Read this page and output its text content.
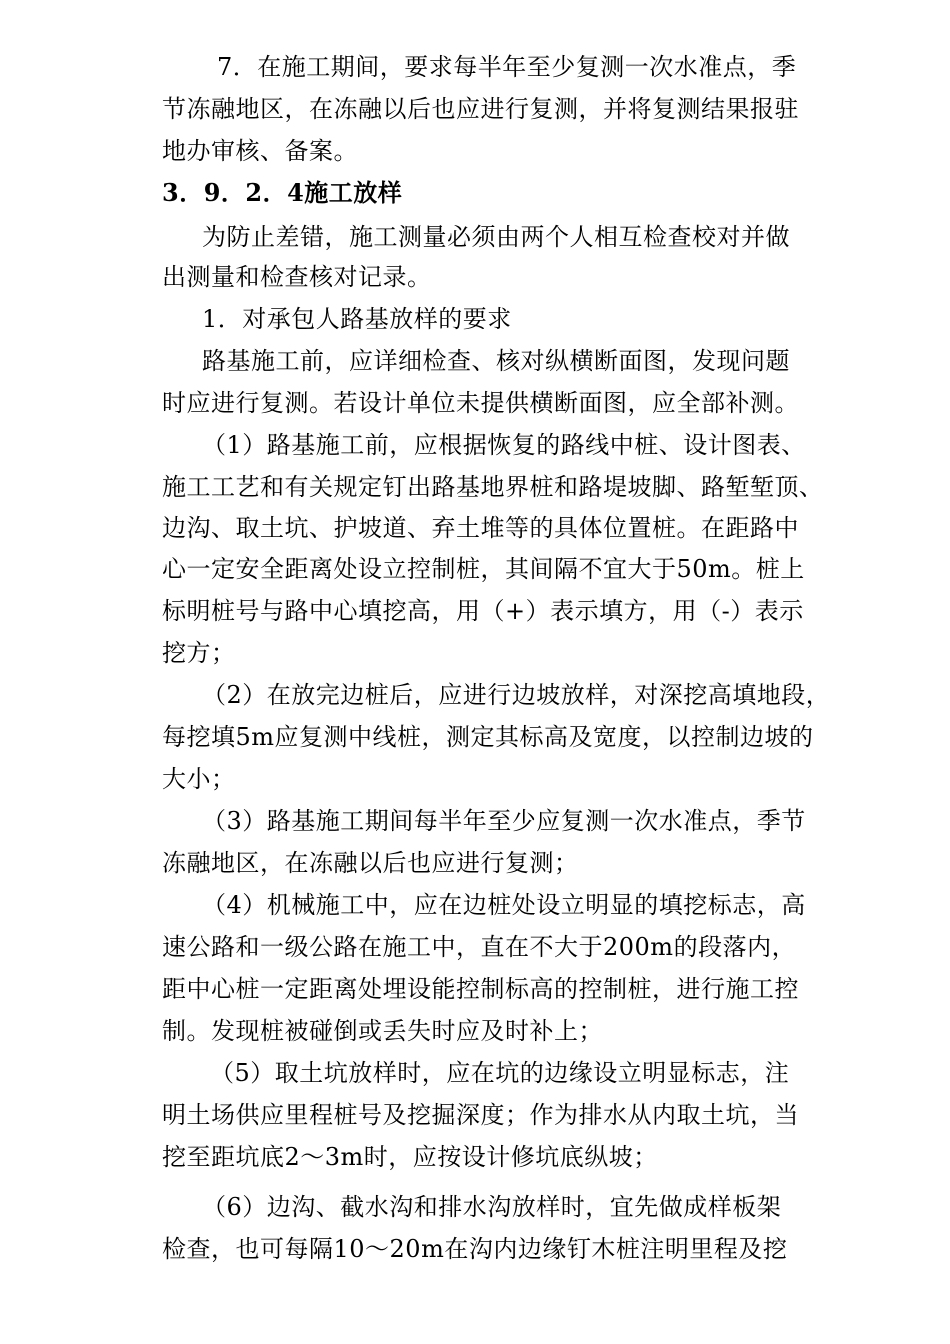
7．在施工期间，要求每半年至少复测一次水准点，季
节冻融地区，在冻融以后也应进行复测，并将复测结果报驻
地办审核、备案。
3．9．2．4施工放样
为防止差错，施工测量必须由两个人相互检查校对并做
出测量和检查核对记录。
1．对承包人路基放样的要求
路基施工前，应详细检查、核对纵横断面图，发现问题
时应进行复测。若设计单位未提供横断面图，应全部补测。
（1）路基施工前，应根据恢复的路线中桩、设计图表、
施工工艺和有关规定钉出路基地界桩和路堤坡脚、路堑堑顶、
边沟、取土坑、护坡道、弃土堆等的具体位置桩。在距路中
心一定安全距离处设立控制桩，其间隔不宜大于50m。桩上
标明桩号与路中心填挖高，用（+）表示填方，用（-）表示
挖方；
（2）在放完边桩后，应进行边坡放样，对深挖高填地段，
每挖填5m应复测中线桩，测定其标高及宽度，以控制边坡的
大小；
（3）路基施工期间每半年至少应复测一次水准点，季节
冻融地区，在冻融以后也应进行复测；
（4）机械施工中，应在边桩处设立明显的填挖标志，高
速公路和一级公路在施工中，直在不大于200m的段落内，
距中心桩一定距离处埋设能控制标高的控制桩，进行施工控
制。发现桩被碰倒或丢失时应及时补上；
（5）取土坑放样时，应在坑的边缘设立明显标志，注
明土场供应里程桩号及挖掘深度；作为排水从内取土坑，当
挖至距坑底2～3m时，应按设计修坑底纵坡；
（6）边沟、截水沟和排水沟放样时，宜先做成样板架
检查，也可每隔10～20m在沟内边缘钉木桩注明里程及挖
